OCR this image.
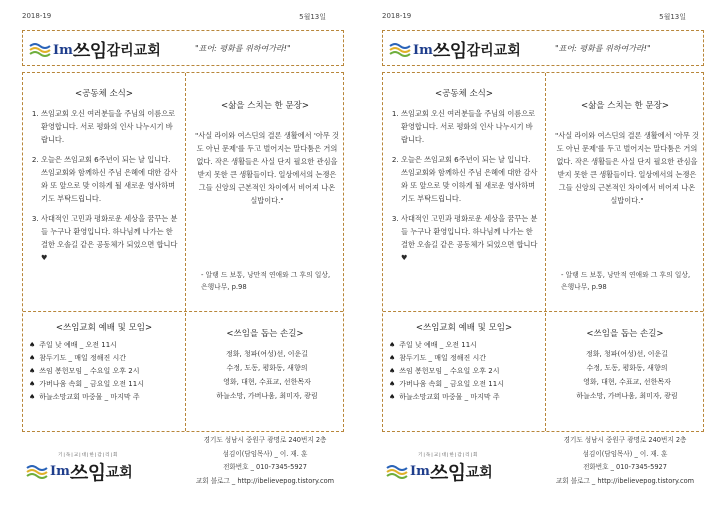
2018-19	5월13일
Im 쓰임 감리교회	"표어: 평화를 위하여가라!"
<공동체 소식>
1. 쓰임교회 오신 여러분들을 주님의 이름으로 환영합니다. 서로 평화의 인사 나누시기 바랍니다.
2. 오늘은 쓰임교회 6주년이 되는 날 입니다. 쓰임교회와 함께하신 주님 은혜에 대한 감사와 또 앞으로 맞 이하게 될 새로운 영사하며 기도 부탁드립니다.
3. 사대적인 고민과 평화로운 세상을 꿈꾸는 분들 누구나 환영입니다. 하나님께 나가는 한결한 오솔길 같은 공동체가 되었으면 합니다 ♥
<삶을 스치는 한 문장>
"사실 라이와 여스딘의 결론 생활에서 '아무 것도 아닌 문제'를 두고 벌어지는 말다툼은 거의 없다. 작은 생활들은 사실 단지 필요한 관심을 받지 못한 큰 생활들이다. 일상에서의 논쟁은 그들 신앙의 근본적인 차이에서 비어져 나온 실밥이다."
- 알랭 드 보통, 낭만적 연애와 그 후의 일상, 은행나무, p.98
<쓰임교회 예배 및 모임>
♠ 주일 낮 예배 _ 오전 11시
♠ 참두기도 _ 매일 정해진 시간
♠ 쓰임 봉헌모임 _ 수요일 오후 2시
♠ 가버나움 속회 _ 금요일 오전 11시
♠ 하늘소망교회 마중물 _ 마지막 주
<쓰임을 돕는 손길>
정화, 청파(여성)선, 이운길
수정, 도동, 평화동, 새향의
영화, 대현, 수표교, 선한목자
하늘소망, 가버나움, 최미자, 광림
기|독|교|대|한|감|리|회
Im 쓰임 교회
경기도 성남시 중원구 광명로 240번지 2층
섬김이(담임목사) _ 이. 재. 훈
전화번호 _ 010-7345-5927
교회 블로그 _ http://ibelievepog.tistory.com
2018-19	5월13일
Im 쓰임 감리교회	"표어: 평화를 위하여가라!"
<공동체 소식>
1. 쓰임교회 오신 여러분들을 주님의 이름으로 환영합니다. 서로 평화의 인사 나누시기 바랍니다.
2. 오늘은 쓰임교회 6주년이 되는 날 입니다. 쓰임교회와 함께하신 주님 은혜에 대한 감사와 또 앞으로 맞 이하게 될 새로운 영사하며 기도 부탁드립니다.
3. 사대적인 고민과 평화로운 세상을 꿈꾸는 분들 누구나 환영입니다. 하나님께 나가는 한결한 오솔길 같은 공동체가 되었으면 합니다 ♥
<삶을 스치는 한 문장>
"사실 라이와 여스딘의 결론 생활에서 '아무 것도 아닌 문제'를 두고 벌어지는 말다툼은 거의 없다. 작은 생활들은 사실 단지 필요한 관심을 받지 못한 큰 생활들이다. 일상에서의 논쟁은 그들 신앙의 근본적인 차이에서 비어져 나온 실밥이다."
- 알랭 드 보통, 낭만적 연애와 그 후의 일상, 은행나무, p.98
<쓰임교회 예배 및 모임>
♠ 주일 낮 예배 _ 오전 11시
♠ 참두기도 _ 매일 정해진 시간
♠ 쓰임 봉헌모임 _ 수요일 오후 2시
♠ 가버나움 속회 _ 금요일 오전 11시
♠ 하늘소망교회 마중물 _ 마지막 주
<쓰임을 돕는 손길>
정화, 청파(여성)선, 이운길
수정, 도동, 평화동, 새향의
영화, 대현, 수표교, 선한목자
하늘소망, 가버나움, 최미자, 광림
기|독|교|대|한|감|리|회
Im 쓰임 교회
경기도 성남시 중원구 광명로 240번지 2층
섬김이(담임목사) _ 이. 재. 훈
전화번호 _ 010-7345-5927
교회 블로그 _ http://ibelievepog.tistory.com
